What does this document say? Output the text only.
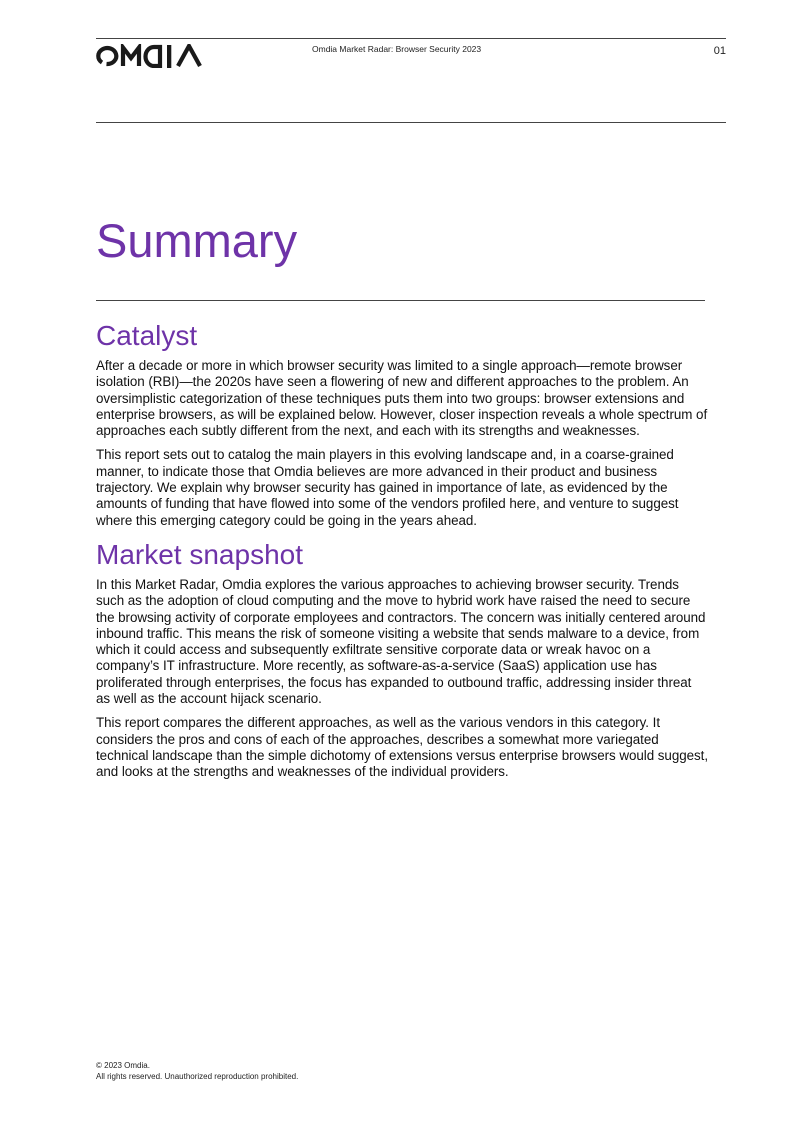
Omdia Market Radar: Browser Security 2023	01
Summary
Catalyst

After a decade or more in which browser security was limited to a single approach—remote browser isolation (RBI)—the 2020s have seen a flowering of new and different approaches to the problem. An oversimplistic categorization of these techniques puts them into two groups: browser extensions and enterprise browsers, as will be explained below. However, closer inspection reveals a whole spectrum of approaches each subtly different from the next, and each with its strengths and weaknesses.

This report sets out to catalog the main players in this evolving landscape and, in a coarse-grained manner, to indicate those that Omdia believes are more advanced in their product and business trajectory. We explain why browser security has gained in importance of late, as evidenced by the amounts of funding that have flowed into some of the vendors profiled here, and venture to suggest where this emerging category could be going in the years ahead.

Market snapshot

In this Market Radar, Omdia explores the various approaches to achieving browser security. Trends such as the adoption of cloud computing and the move to hybrid work have raised the need to secure the browsing activity of corporate employees and contractors. The concern was initially centered around inbound traffic. This means the risk of someone visiting a website that sends malware to a device, from which it could access and subsequently exfiltrate sensitive corporate data or wreak havoc on a company’s IT infrastructure. More recently, as software-as-a-service (SaaS) application use has proliferated through enterprises, the focus has expanded to outbound traffic, addressing insider threat as well as the account hijack scenario.

This report compares the different approaches, as well as the various vendors in this category. It considers the pros and cons of each of the approaches, describes a somewhat more variegated technical landscape than the simple dichotomy of extensions versus enterprise browsers would suggest, and looks at the strengths and weaknesses of the individual providers.

© 2023 Omdia.
All rights reserved. Unauthorized reproduction prohibited.
